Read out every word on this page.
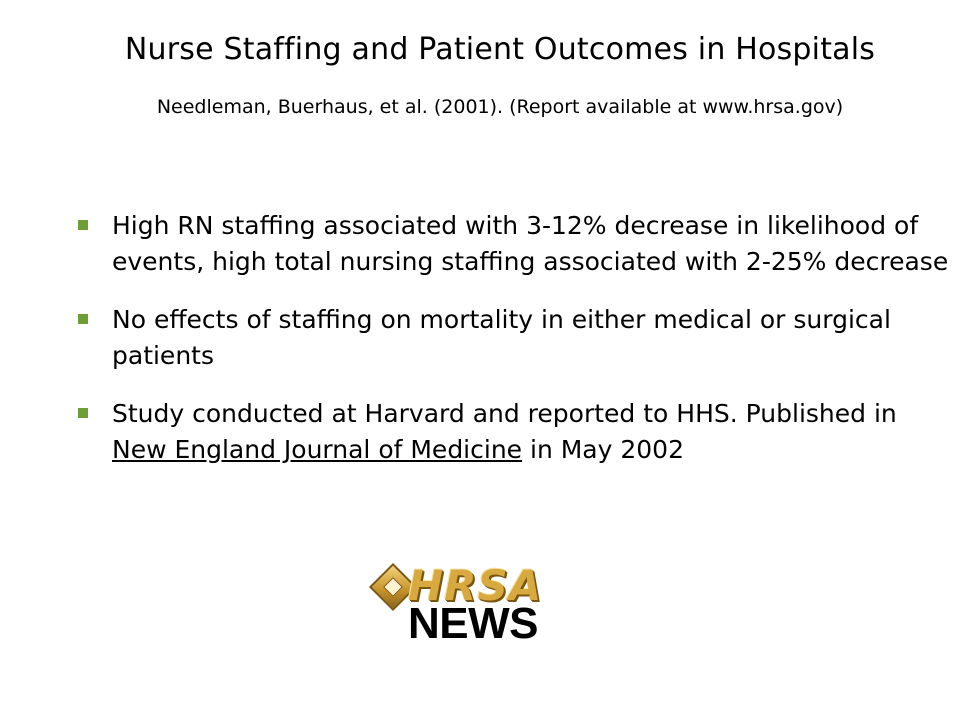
Nurse Staffing and Patient Outcomes in Hospitals
Needleman, Buerhaus, et al. (2001). (Report available at www.hrsa.gov)
High RN staffing associated with 3-12% decrease in likelihood of events, high total nursing staffing associated with 2-25% decrease
No effects of staffing on mortality in either medical or surgical patients
Study conducted at Harvard and reported to HHS. Published in New England Journal of Medicine in May 2002
HRSA
NEWS
